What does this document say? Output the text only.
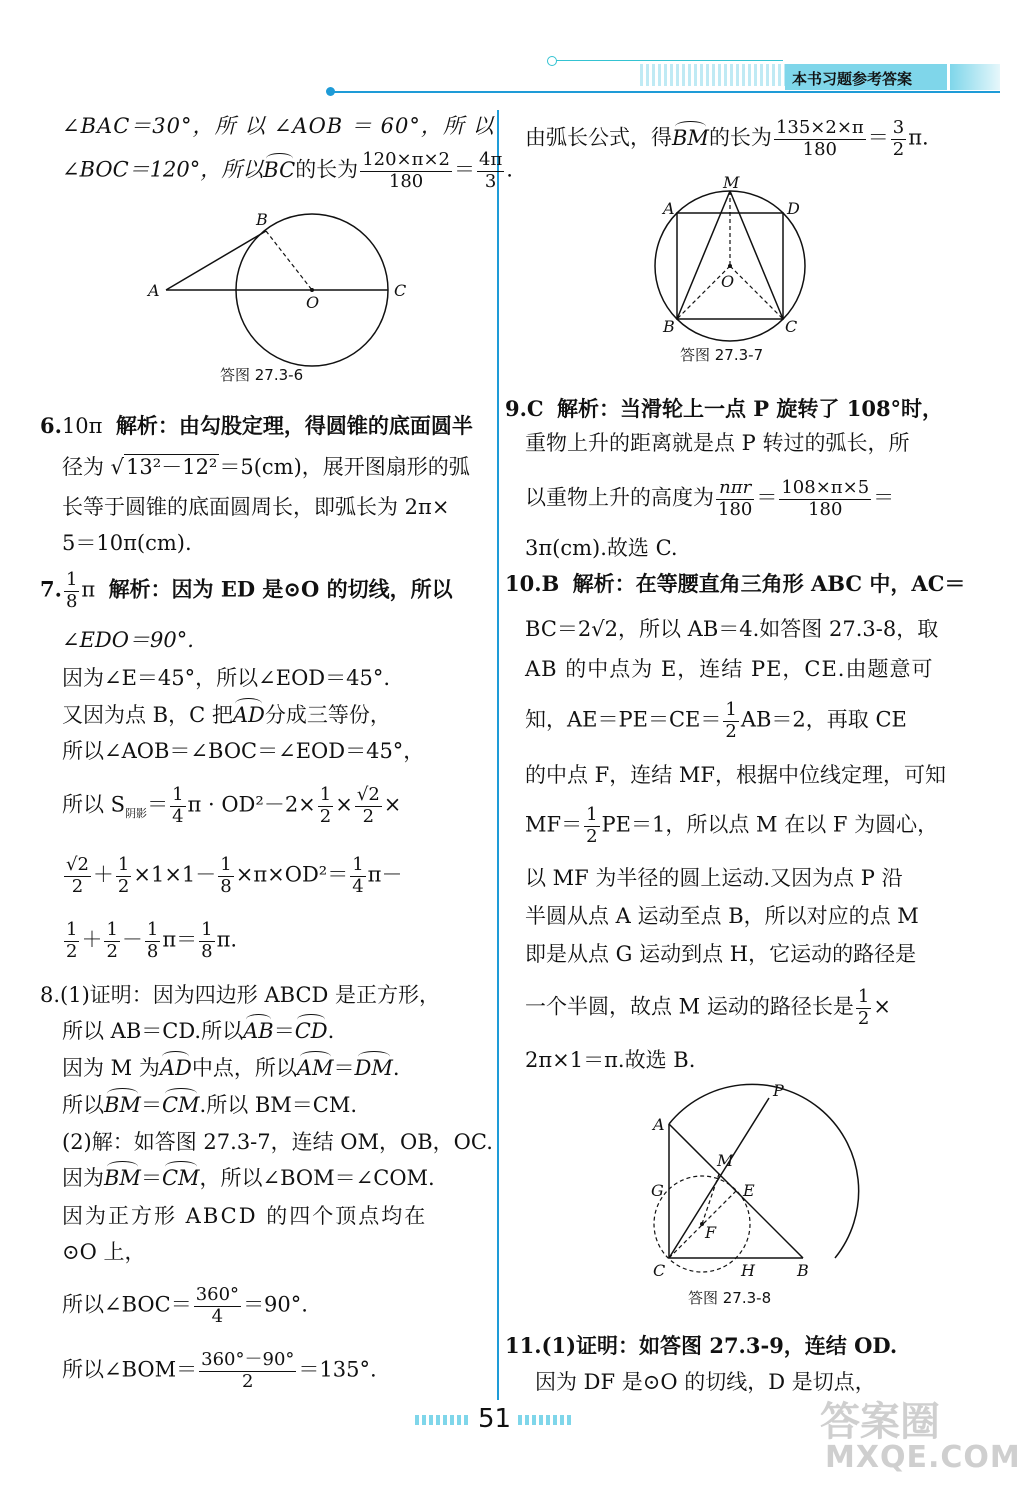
本书习题参考答案
∠BAC＝30°，所 以 ∠AOB ＝ 60°，所 以
∠BOC＝120°，所以BC的长为 $\frac{120\times\pi\times 2}{180} = \frac{4\pi}{3}$ .
A
B
O
C
答图 27.3-6
6.10π 解析：由勾股定理，得圆锥的底面圆半
径为 √13²－12²＝5(cm)，展开图扇形的弧
长等于圆锥的底面圆周长，即弧长为 2π×
5＝10π(cm).
7. $\frac{1}{8}$ π 解析：因为 ED 是⊙O 的切线，所以
∠EDO＝90°.
因为∠E＝45°，所以∠EOD＝45°.
又因为点 B，C 把AD分成三等份，
所以∠AOB＝∠BOC＝∠EOD＝45°，
所以 $S_{阴影}= \frac{1}{4}$ $\pi \cdot OD^2-2\times \frac{1}{2} \times \frac{√2}{2}$ ×
$\frac{√2}{2} + \frac{1}{2} \times 1\times 1- \frac{1}{8} \times\pi\times OD^2= \frac{1}{4} \pi-$
$\frac{1}{2} + \frac{1}{2} - \frac{1}{8} \pi= \frac{1}{8} \pi$.
8.(1)证明：因为四边形 ABCD 是正方形，
所以 AB＝CD.所以AB＝CD.
因为 M 为AD中点，所以AM＝DM.
所以BM＝CM.所以 BM＝CM.
(2)解：如答图 27.3-7，连结 OM，OB，OC.
因为BM＝CM，所以∠BOM＝∠COM.
因为正方形 ABCD 的四个顶点均在
⊙O 上，
所以∠BOC＝ $\frac{360^\circ}{4} =90^\circ$.
所以∠BOM＝ $\frac{360^\circ-90^\circ}{2} =135^\circ$.
由弧长公式，得BM的长为 $\frac{135\times 2\times\pi}{180} = \frac{3}{2} \pi$.
M
A	D
O
B	C
答图 27.3-7
9.C 解析：当滑轮上一点 P 旋转了 108°时，
重物上升的距离就是点 P 转过的弧长，所
以重物上升的高度为 $\frac{\text{nπr}}{180} = \frac{108\times\pi\times 5}{180}$ ＝
3π(cm).故选 C.
10.B 解析：在等腰直角三角形 ABC 中，AC＝
BC＝2√2，所以 AB＝4.如答图 27.3-8，取
AB 的中点为 E，连结 PE，CE.由题意可
知，$AE=PE=CE= \frac{1}{2} AB=2$，再取 CE
的中点 F，连结 MF，根据中位线定理，可知
$MF= \frac{1}{2} PE=1$，所以点 M 在以 F 为圆心，
以 MF 为半径的圆上运动.又因为点 P 沿
半圆从点 A 运动至点 B，所以对应的点 M
即是从点 G 运动到点 H，它运动的路径是
一个半圆，故点 M 运动的路径长是 $\frac{1}{2}$ ×
2π×1＝π.故选 B.
P
A
M
E
G
F
C	H	B
答图 27.3-8
11.(1)证明：如答图 27.3-9，连结 OD.
因为 DF 是⊙O 的切线，D 是切点，
51	答案圈
MXQE.COM
